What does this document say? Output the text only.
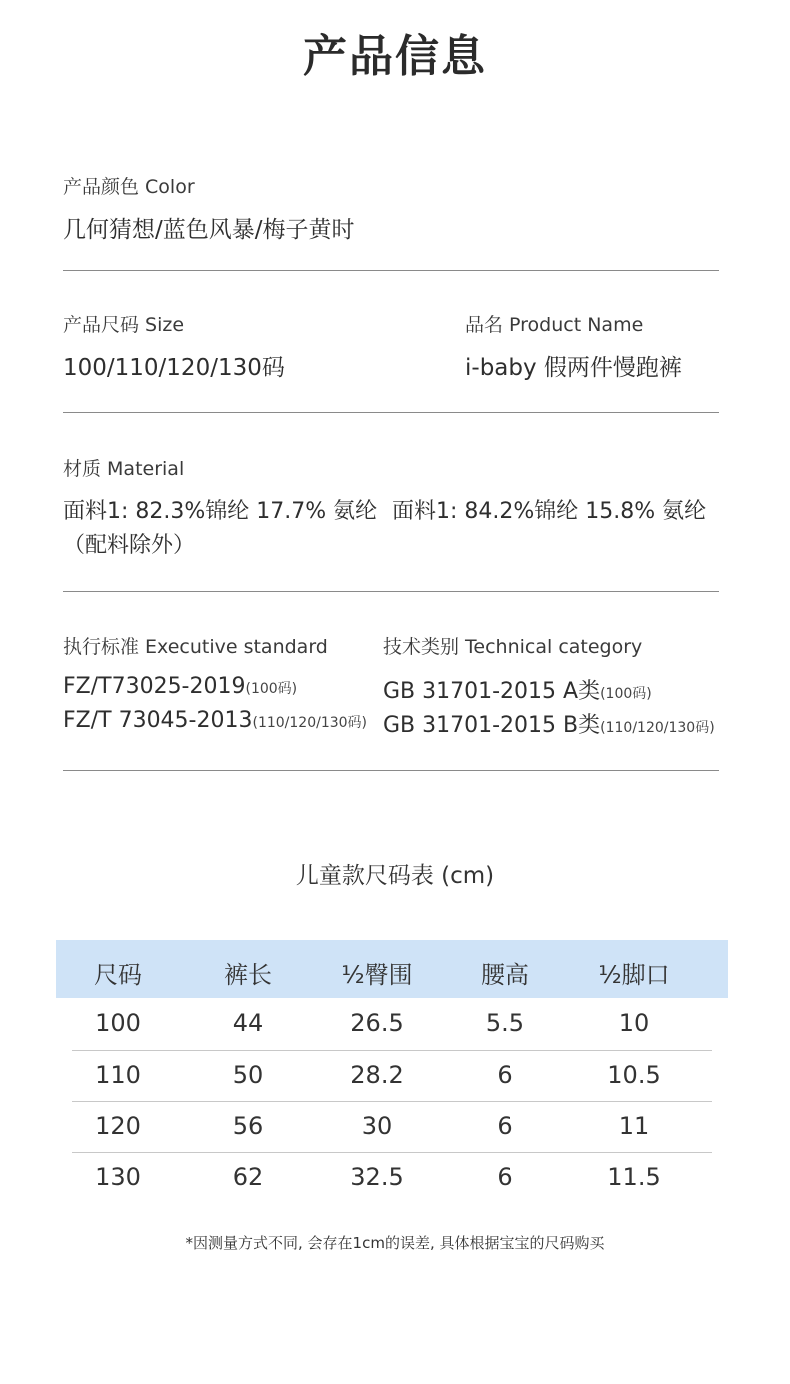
产品信息
产品颜色 Color
几何猜想/蓝色风暴/梅子黄时
产品尺码 Size
100/110/120/130码
品名 Product Name
i-baby 假两件慢跑裤
材质 Material
面料1: 82.3%锦纶 17.7% 氨纶 面料1: 84.2%锦纶 15.8% 氨纶
（配料除外）
执行标准 Executive standard
FZ/T73025-2019(100码)
FZ/T 73045-2013(110/120/130码)
技术类别 Technical category
GB 31701-2015 A类(100码)
GB 31701-2015 B类(110/120/130码)
儿童款尺码表 (cm)
尺码	裤长	½臀围	腰高	½脚口
100	44	26.5	5.5	10
110	50	28.2	6	10.5
120	56	30	6	11
130	62	32.5	6	11.5
*因测量方式不同, 会存在1cm的误差, 具体根据宝宝的尺码购买
